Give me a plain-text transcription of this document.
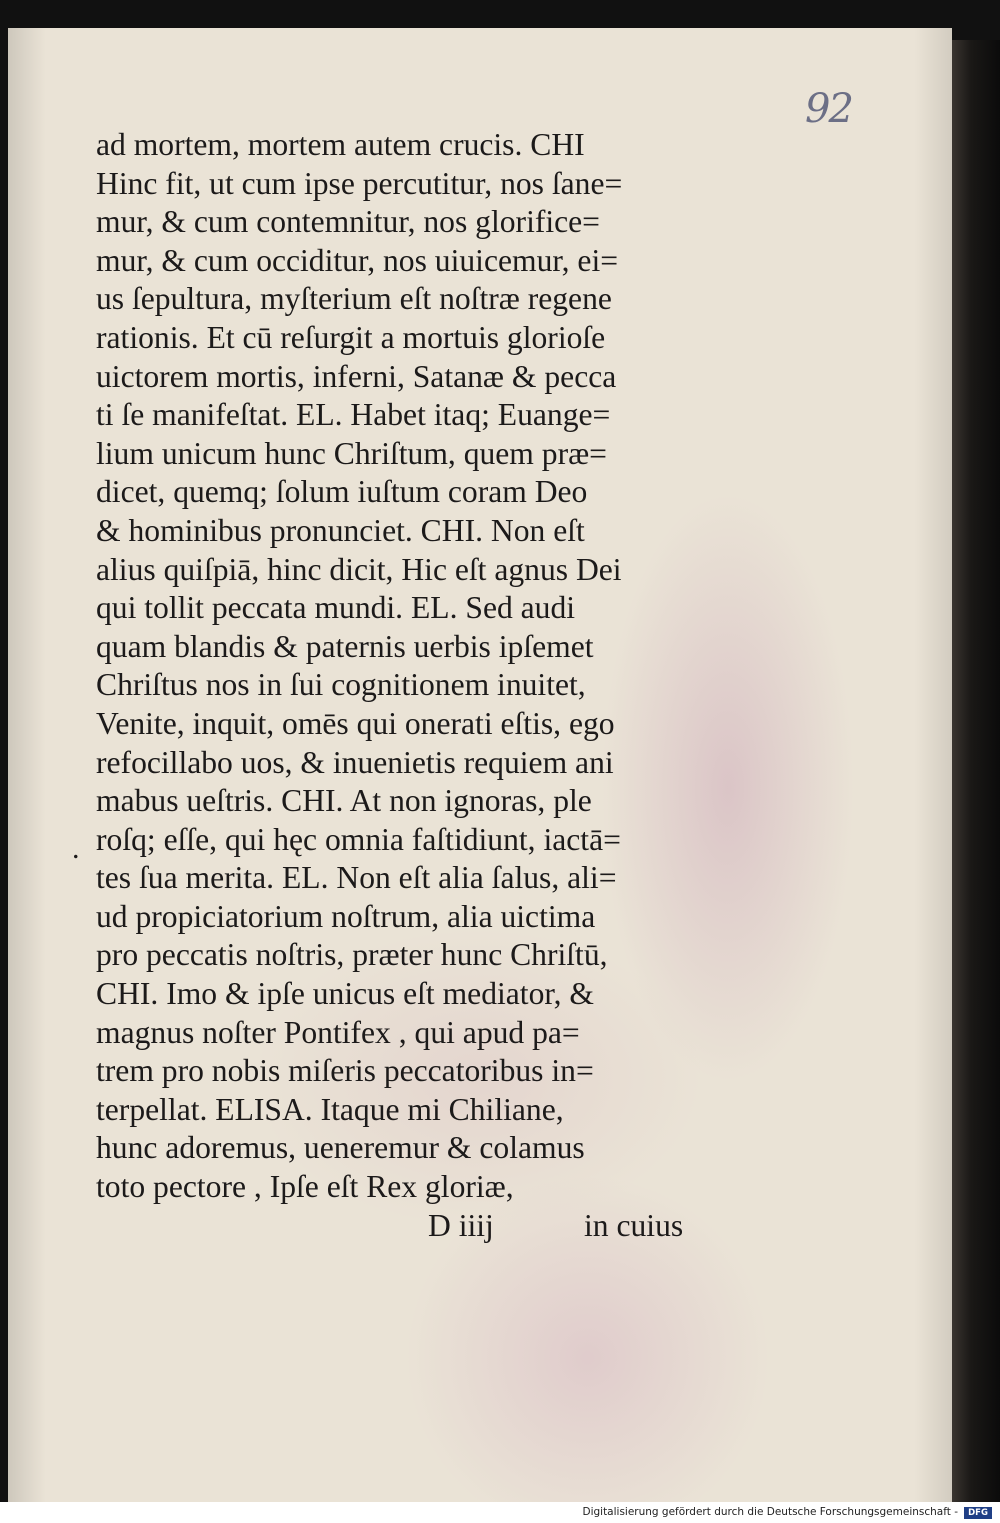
92
.
ad mortem, mortem autem crucis. CHI
Hinc fit, ut cum ipse percutitur, nos ſane=
mur, & cum contemnitur, nos glorifice=
mur, & cum occiditur, nos uiuicemur, ei=
us ſepultura, myſterium eſt noſtræ regene
rationis. Et cū reſurgit a mortuis glorioſe
uictorem mortis, inferni, Satanæ & pecca
ti ſe manifeſtat. EL. Habet itaq; Euange=
lium unicum hunc Chriſtum, quem præ=
dicet, quemq; ſolum iuſtum coram Deo
& hominibus pronunciet. CHI. Non eſt
alius quiſpiā, hinc dicit, Hic eſt agnus Dei
qui tollit peccata mundi. EL. Sed audi
quam blandis & paternis uerbis ipſemet
Chriſtus nos in ſui cognitionem inuitet,
Venite, inquit, omēs qui onerati eſtis, ego
refocillabo uos, & inuenietis requiem ani
mabus ueſtris. CHI. At non ignoras, ple
roſq; eſſe, qui hęc omnia faſtidiunt, iactā=
tes ſua merita. EL. Non eſt alia ſalus, ali=
ud propiciatorium noſtrum, alia uictima
pro peccatis noſtris, præter hunc Chriſtū,
CHI. Imo & ipſe unicus eſt mediator, &
magnus noſter Pontifex , qui apud pa=
trem pro nobis miſeris peccatoribus in=
terpellat. ELISA. Itaque mi Chiliane,
hunc adoremus, ueneremur & colamus
toto pectore , Ipſe eſt Rex gloriæ,
D iiij	in cuius
Digitalisierung gefördert durch die Deutsche Forschungsgemeinschaft -	DFG
